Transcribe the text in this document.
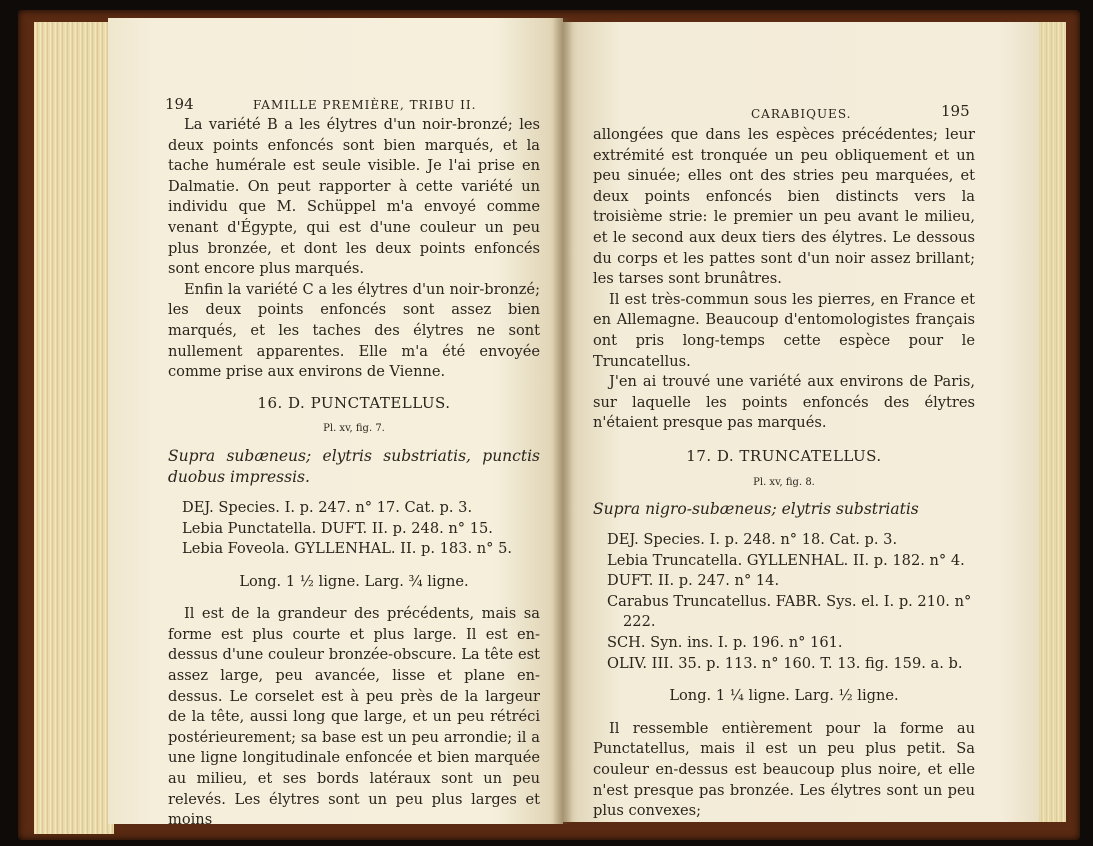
194	FAMILLE PREMIÈRE, TRIBU II.

La variété B a les élytres d'un noir-bronzé; les deux points enfoncés sont bien marqués, et la tache humérale est seule visible. Je l'ai prise en Dalmatie. On peut rapporter à cette variété un individu que M. Schüppel m'a envoyé comme venant d'Égypte, qui est d'une couleur un peu plus bronzée, et dont les deux points enfoncés sont encore plus marqués.

Enfin la variété C a les élytres d'un noir-bronzé; les deux points enfoncés sont assez bien marqués, et les taches des élytres ne sont nullement apparentes. Elle m'a été envoyée comme prise aux environs de Vienne.

16. D. PUNCTATELLUS.

Pl. xv, fig. 7.

Supra subæneus; elytris substriatis, punctis duobus impressis.

DEJ. Species. I. p. 247. n° 17. Cat. p. 3.

Lebia Punctatella. DUFT. II. p. 248. n° 15.

Lebia Foveola. GYLLENHAL. II. p. 183. n° 5.

Long. 1 ½ ligne. Larg. ¾ ligne.

Il est de la grandeur des précédents, mais sa forme est plus courte et plus large. Il est en-dessus d'une couleur bronzée-obscure. La tête est assez large, peu avancée, lisse et plane en-dessus. Le corselet est à peu près de la largeur de la tête, aussi long que large, et un peu rétréci postérieurement; sa base est un peu arrondie; il a une ligne longitudinale enfoncée et bien marquée au milieu, et ses bords latéraux sont un peu relevés. Les élytres sont un peu plus larges et moins

CARABIQUES.	195

allongées que dans les espèces précédentes; leur extrémité est tronquée un peu obliquement et un peu sinuée; elles ont des stries peu marquées, et deux points enfoncés bien distincts vers la troisième strie: le premier un peu avant le milieu, et le second aux deux tiers des élytres. Le dessous du corps et les pattes sont d'un noir assez brillant; les tarses sont brunâtres.

Il est très-commun sous les pierres, en France et en Allemagne. Beaucoup d'entomologistes français ont pris long-temps cette espèce pour le Truncatellus.

J'en ai trouvé une variété aux environs de Paris, sur laquelle les points enfoncés des élytres n'étaient presque pas marqués.

17. D. TRUNCATELLUS.

Pl. xv, fig. 8.

Supra nigro-subæneus; elytris substriatis

DEJ. Species. I. p. 248. n° 18. Cat. p. 3.

Lebia Truncatella. GYLLENHAL. II. p. 182. n° 4.

DUFT. II. p. 247. n° 14.

Carabus Truncatellus. FABR. Sys. el. I. p. 210. n° 222.

SCH. Syn. ins. I. p. 196. n° 161.

OLIV. III. 35. p. 113. n° 160. T. 13. fig. 159. a. b.

Long. 1 ¼ ligne. Larg. ½ ligne.

Il ressemble entièrement pour la forme au Punctatellus, mais il est un peu plus petit. Sa couleur en-dessus est beaucoup plus noire, et elle n'est presque pas bronzée. Les élytres sont un peu plus convexes;
